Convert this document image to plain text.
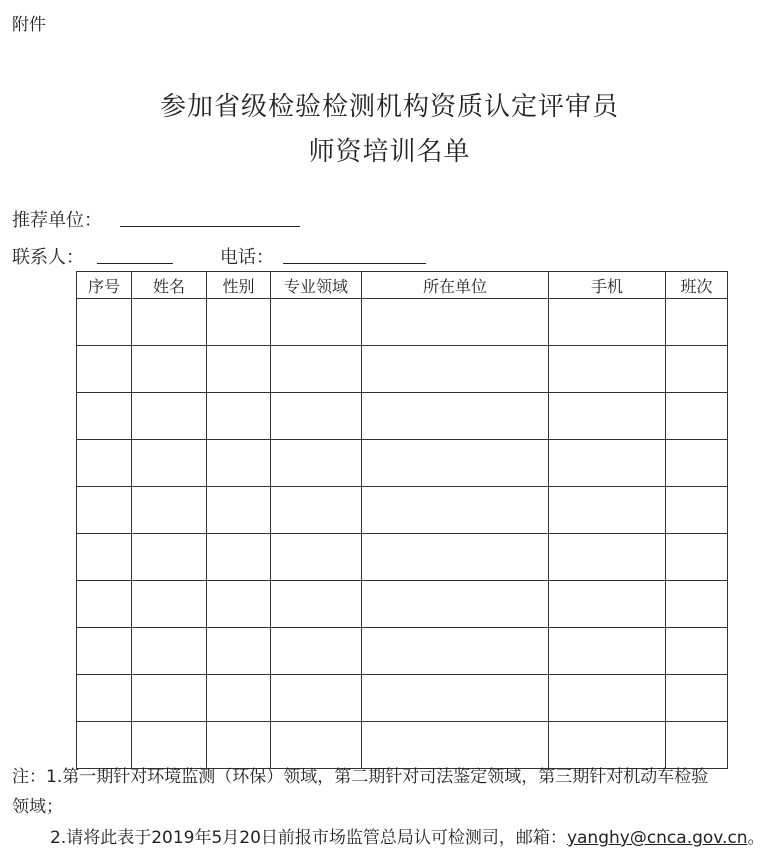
附件
参加省级检验检测机构资质认定评审员
师资培训名单
推荐单位：
联系人：	电话：
序号	姓名	性别	专业领域	所在单位	手机	班次

注：1.第一期针对环境监测（环保）领域，第二期针对司法鉴定领域，第三期针对机动车检验
领域；
2.请将此表于2019年5月20日前报市场监管总局认可检测司，邮箱：yanghy@cnca.gov.cn。
